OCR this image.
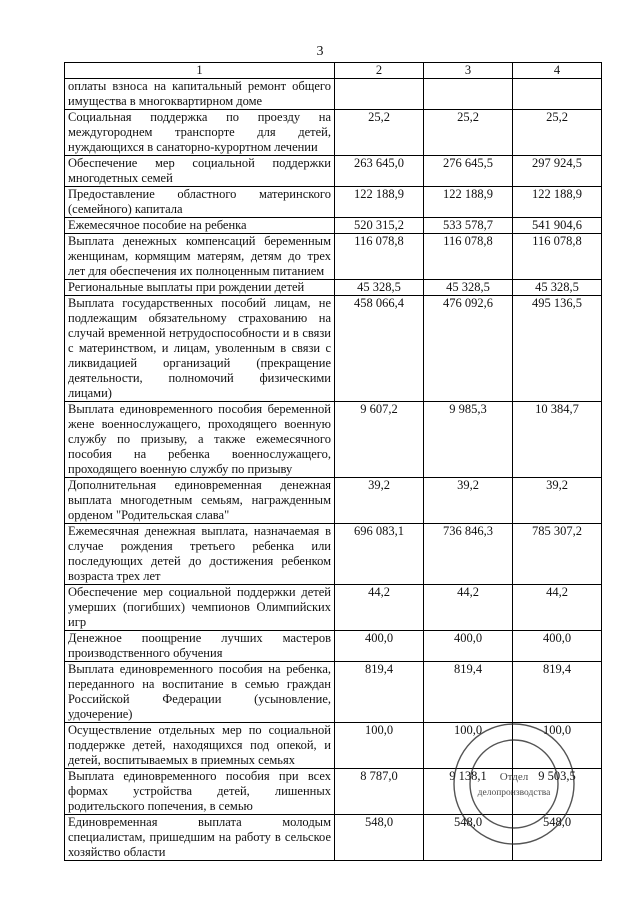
3
1	2	3	4
оплаты взноса на капитальный ремонт общего имущества в многоквартирном доме			
Социальная поддержка по проезду на междугороднем транспорте для детей, нуждающихся в санаторно-курортном лечении	25,2	25,2	25,2
Обеспечение мер социальной поддержки многодетных семей	263 645,0	276 645,5	297 924,5
Предоставление областного материнского (семейного) капитала	122 188,9	122 188,9	122 188,9
Ежемесячное пособие на ребенка	520 315,2	533 578,7	541 904,6
Выплата денежных компенсаций беременным женщинам, кормящим матерям, детям до трех лет для обеспечения их полноценным питанием	116 078,8	116 078,8	116 078,8
Региональные выплаты при рождении детей	45 328,5	45 328,5	45 328,5
Выплата государственных пособий лицам, не подлежащим обязательному страхованию на случай временной нетрудоспособности и в связи с материнством, и лицам, уволенным в связи с ликвидацией организаций (прекращение деятельности, полномочий физическими лицами)	458 066,4	476 092,6	495 136,5
Выплата единовременного пособия беременной жене военнослужащего, проходящего военную службу по призыву, а также ежемесячного пособия на ребенка военнослужащего, проходящего военную службу по призыву	9 607,2	9 985,3	10 384,7
Дополнительная единовременная денежная выплата многодетным семьям, награжденным орденом "Родительская слава"	39,2	39,2	39,2
Ежемесячная денежная выплата, назначаемая в случае рождения третьего ребенка или последующих детей до достижения ребенком возраста трех лет	696 083,1	736 846,3	785 307,2
Обеспечение мер социальной поддержки детей умерших (погибших) чемпионов Олимпийских игр	44,2	44,2	44,2
Денежное поощрение лучших мастеров производственного обучения	400,0	400,0	400,0
Выплата единовременного пособия на ребенка, переданного на воспитание в семью граждан Российской Федерации (усыновление, удочерение)	819,4	819,4	819,4
Осуществление отдельных мер по социальной поддержке детей, находящихся под опекой, и детей, воспитываемых в приемных семьях	100,0	100,0	100,0
Выплата единовременного пособия при всех формах устройства детей, лишенных родительского попечения, в семью	8 787,0	9 138,1	9 503,5
Единовременная выплата молодым специалистам, пришедшим на работу в сельское хозяйство области	548,0	548,0	548,0
Отдел
делопроизводства
